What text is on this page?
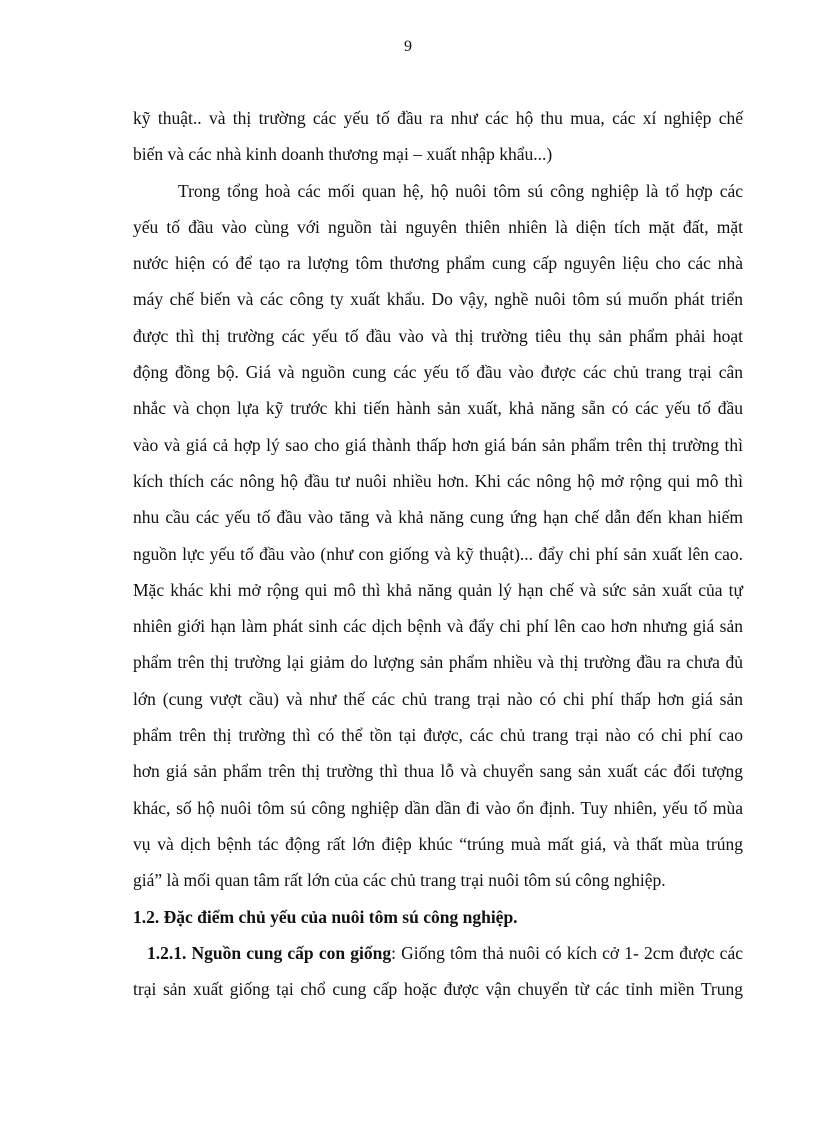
9
kỹ thuật.. và thị trường các yếu tố đầu ra như các hộ thu mua, các xí nghiệp chế
biến và các nhà kinh doanh thương mại – xuất nhập khẩu...)
Trong tổng hoà các mối quan hệ, hộ nuôi tôm sú công nghiệp là tổ hợp các
yếu tố đầu vào cùng với nguồn tài nguyên thiên nhiên là diện tích mặt đất, mặt
nước hiện có để tạo ra lượng tôm thương phẩm cung cấp nguyên liệu cho các nhà
máy chế biến và các công ty xuất khẩu. Do vậy, nghề nuôi tôm sú muốn phát triển
được thì thị trường các yếu tố đầu vào và thị trường tiêu thụ sản phẩm phải hoạt
động đồng bộ. Giá và nguồn cung các yếu tố đầu vào được các chủ trang trại cân
nhắc và chọn lựa kỹ trước khi tiến hành sản xuất, khả năng sẵn có các yếu tố đầu
vào và giá cả hợp lý sao cho giá thành thấp hơn giá bán sản phẩm trên thị trường thì
kích thích các nông hộ đầu tư nuôi nhiều hơn. Khi các nông hộ mở rộng qui mô thì
nhu cầu các yếu tố đầu vào tăng và khả năng cung ứng hạn chế dẫn đến khan hiếm
nguồn lực yếu tố đầu vào (như con giống và kỹ thuật)... đẩy chi phí sản xuất lên cao.
Mặc khác khi mở rộng qui mô thì khả năng quản lý hạn chế và sức sản xuất của tự
nhiên giới hạn làm phát sinh các dịch bệnh và đẩy chi phí lên cao hơn nhưng giá sản
phẩm trên thị trường lại giảm do lượng sản phẩm nhiều và thị trường đầu ra chưa đủ
lớn (cung vượt cầu) và như thế các chủ trang trại nào có chi phí thấp hơn giá sản
phẩm trên thị trường thì có thể tồn tại được, các chủ trang trại nào có chi phí cao
hơn giá sản phẩm trên thị trường thì thua lỗ và chuyển sang sản xuất các đối tượng
khác, số hộ nuôi tôm sú công nghiệp dần dần đi vào ổn định. Tuy nhiên, yếu tố mùa
vụ và dịch bệnh tác động rất lớn điệp khúc “trúng muà mất giá, và thất mùa trúng
giá” là mối quan tâm rất lớn của các chủ trang trại nuôi tôm sú công nghiệp.
1.2. Đặc điểm chủ yếu của nuôi tôm sú công nghiệp.
1.2.1. Nguồn cung cấp con giống: Giống tôm thả nuôi có kích cở 1- 2cm được các
trại sản xuất giống tại chổ cung cấp hoặc được vận chuyển từ các tỉnh miền Trung
